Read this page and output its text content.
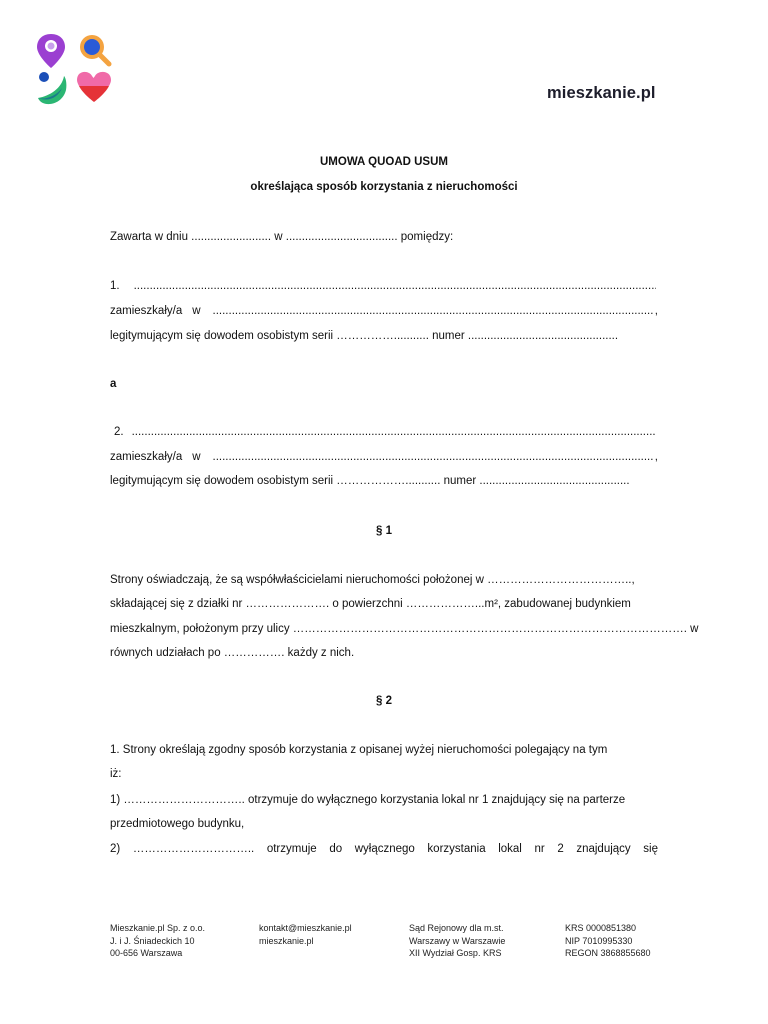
mieszkanie.pl
UMOWA QUOAD USUM
określająca sposób korzystania z nieruchomości
Zawarta w dniu ......................... w ................................... pomiędzy:
1.
.....
zamieszkały/a w .....	,
legitymującym się dowodem osobistym serii ……………........... numer ...............................................
a
2.
.....
zamieszkały/a w .....	,
legitymującym się dowodem osobistym serii ………………........... numer ...............................................
§ 1
Strony oświadczają, że są współwłaścicielami nieruchomości położonej w ………………………………..,
składającej się z działki nr …………………. o powierzchni ………………...m², zabudowanej budynkiem
mieszkalnym, położonym przy ulicy …………………………………………………………………………………………. w
równych udziałach po ……………. każdy z nich.
§ 2
1. Strony określają zgodny sposób korzystania z opisanej wyżej nieruchomości polegający na tym
iż:
1) ………………………….. otrzymuje do wyłącznego korzystania lokal nr 1 znajdujący się na parterze
przedmiotowego budynku,
2) ………………………….. otrzymuje do wyłącznego korzystania lokal nr 2 znajdujący się
Mieszkanie.pl Sp. z o.o.
J. i J. Śniadeckich 10
00-656 Warszawa
kontakt@mieszkanie.pl
mieszkanie.pl
Sąd Rejonowy dla m.st.
Warszawy w Warszawie
XII Wydział Gosp. KRS
KRS 0000851380
NIP 7010995330
REGON 3868855680
